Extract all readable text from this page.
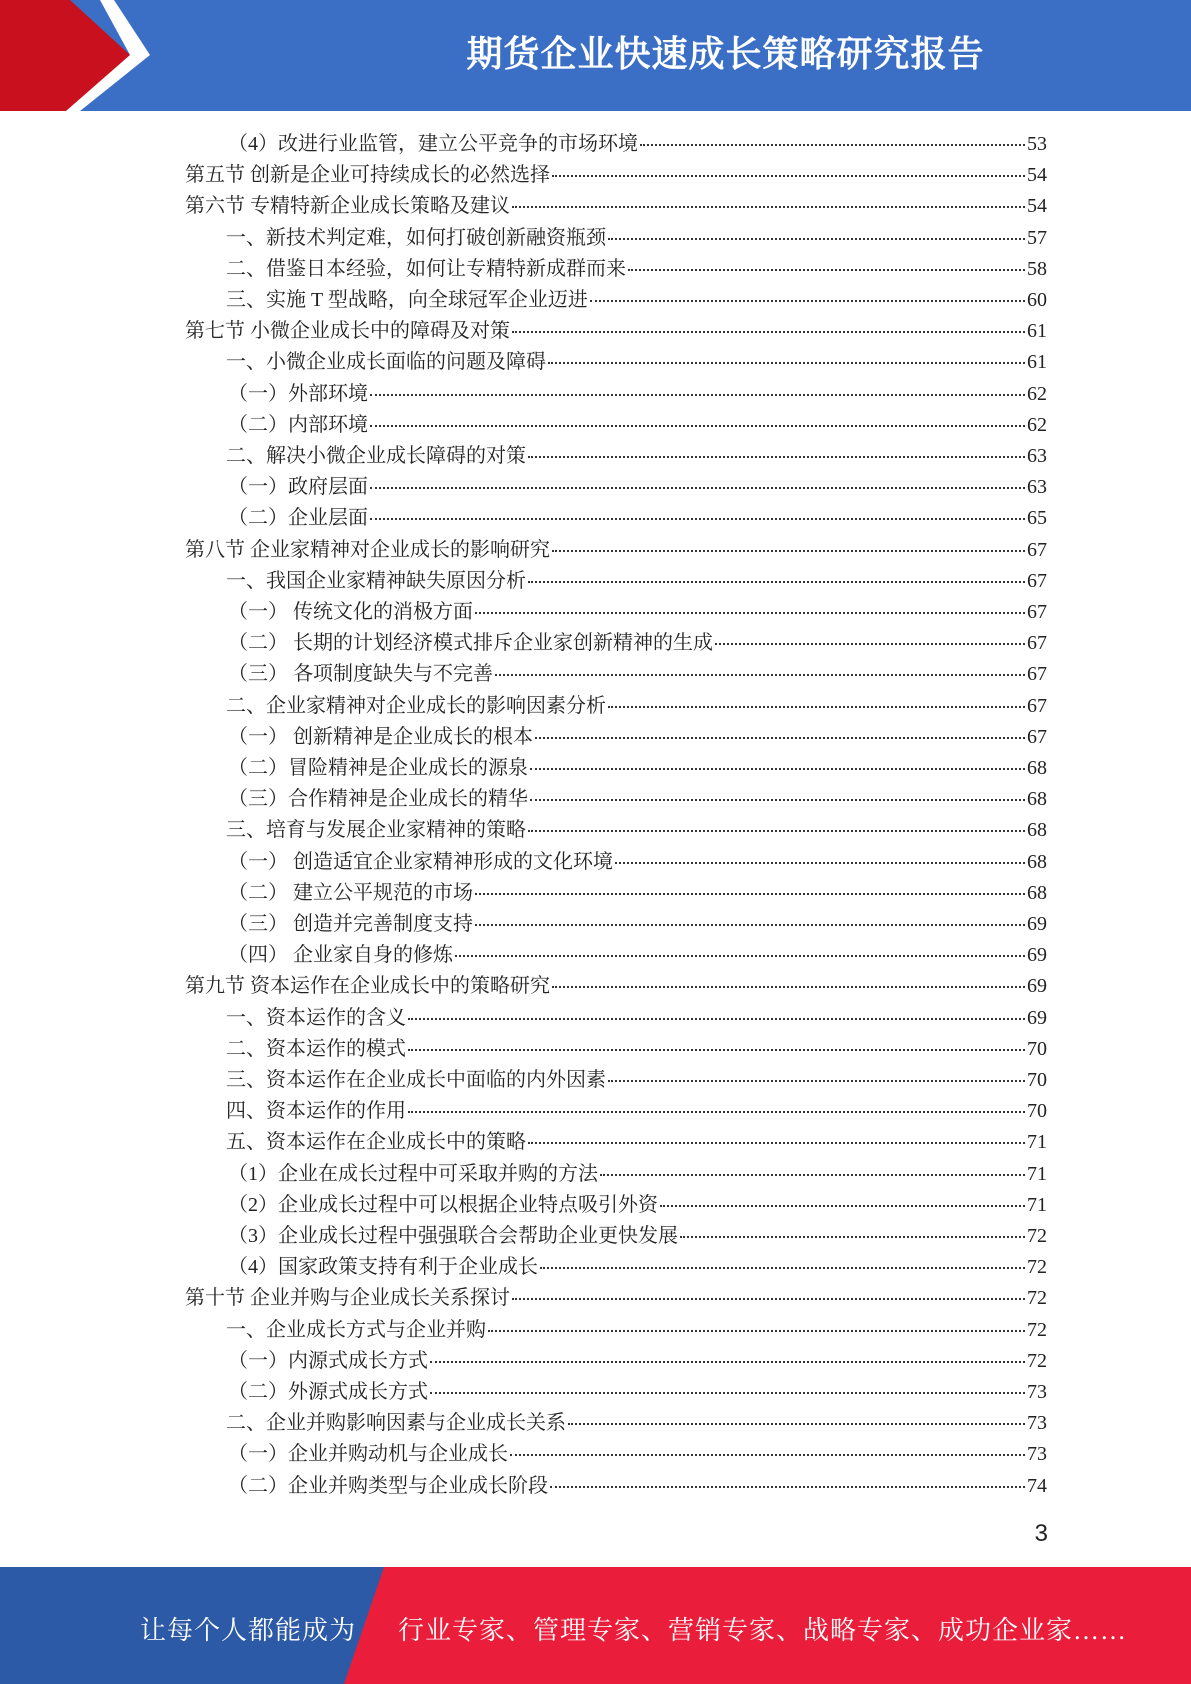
期货企业快速成长策略研究报告
（4）改进行业监管，建立公平竞争的市场环境	53
第五节 创新是企业可持续成长的必然选择	54
第六节 专精特新企业成长策略及建议	54
一、新技术判定难，如何打破创新融资瓶颈	57
二、借鉴日本经验，如何让专精特新成群而来	58
三、实施 T 型战略，向全球冠军企业迈进	60
第七节 小微企业成长中的障碍及对策	61
一、小微企业成长面临的问题及障碍	61
（一）外部环境	62
（二）内部环境	62
二、解决小微企业成长障碍的对策	63
（一）政府层面	63
（二）企业层面	65
第八节 企业家精神对企业成长的影响研究	67
一、我国企业家精神缺失原因分析	67
（一） 传统文化的消极方面	67
（二） 长期的计划经济模式排斥企业家创新精神的生成	67
（三） 各项制度缺失与不完善	67
二、企业家精神对企业成长的影响因素分析	67
（一） 创新精神是企业成长的根本	67
（二）冒险精神是企业成长的源泉	68
（三）合作精神是企业成长的精华	68
三、培育与发展企业家精神的策略	68
（一） 创造适宜企业家精神形成的文化环境	68
（二） 建立公平规范的市场	68
（三） 创造并完善制度支持	69
（四） 企业家自身的修炼	69
第九节 资本运作在企业成长中的策略研究	69
一、资本运作的含义	69
二、资本运作的模式	70
三、资本运作在企业成长中面临的内外因素	70
四、资本运作的作用	70
五、资本运作在企业成长中的策略	71
（1）企业在成长过程中可采取并购的方法	71
（2）企业成长过程中可以根据企业特点吸引外资	71
（3）企业成长过程中强强联合会帮助企业更快发展	72
（4）国家政策支持有利于企业成长	72
第十节 企业并购与企业成长关系探讨	72
一、企业成长方式与企业并购	72
（一）内源式成长方式	72
（二）外源式成长方式	73
二、企业并购影响因素与企业成长关系	73
（一）企业并购动机与企业成长	73
（二）企业并购类型与企业成长阶段	74
3
让每个人都能成为 行业专家、管理专家、营销专家、战略专家、成功企业家……
